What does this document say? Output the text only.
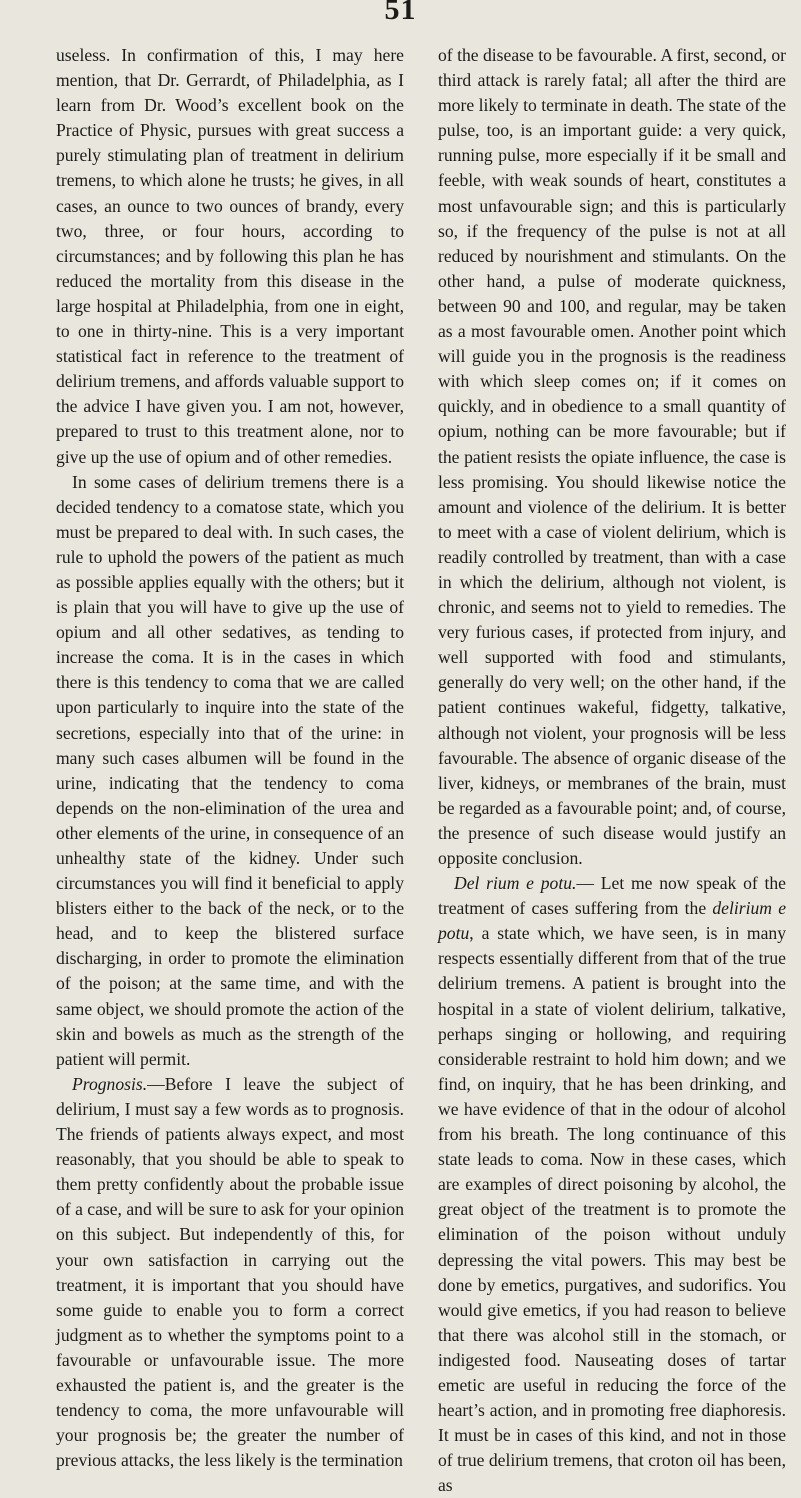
51

useless. In confirmation of this, I may here mention, that Dr. Gerrardt, of Philadelphia, as I learn from Dr. Wood’s excellent book on the Practice of Physic, pursues with great success a purely stimulating plan of treatment in delirium tremens, to which alone he trusts; he gives, in all cases, an ounce to two ounces of brandy, every two, three, or four hours, according to circumstances; and by following this plan he has reduced the mortality from this disease in the large hospital at Philadelphia, from one in eight, to one in thirty-nine. This is a very important statistical fact in reference to the treatment of delirium tremens, and affords valuable support to the advice I have given you. I am not, however, prepared to trust to this treatment alone, nor to give up the use of opium and of other remedies.

In some cases of delirium tremens there is a decided tendency to a comatose state, which you must be prepared to deal with. In such cases, the rule to uphold the powers of the patient as much as possible applies equally with the others; but it is plain that you will have to give up the use of opium and all other sedatives, as tending to increase the coma. It is in the cases in which there is this tendency to coma that we are called upon particularly to inquire into the state of the secretions, especially into that of the urine: in many such cases albumen will be found in the urine, indicating that the tendency to coma depends on the non-elimination of the urea and other elements of the urine, in consequence of an unhealthy state of the kidney. Under such circumstances you will find it beneficial to apply blisters either to the back of the neck, or to the head, and to keep the blistered surface discharging, in order to promote the elimination of the poison; at the same time, and with the same object, we should promote the action of the skin and bowels as much as the strength of the patient will permit.

Prognosis.—Before I leave the subject of delirium, I must say a few words as to prognosis. The friends of patients always expect, and most reasonably, that you should be able to speak to them pretty confidently about the probable issue of a case, and will be sure to ask for your opinion on this subject. But independently of this, for your own satisfaction in carrying out the treatment, it is important that you should have some guide to enable you to form a correct judgment as to whether the symptoms point to a favourable or unfavourable issue. The more exhausted the patient is, and the greater is the tendency to coma, the more unfavourable will your prognosis be; the greater the number of previous attacks, the less likely is the termination

of the disease to be favourable. A first, second, or third attack is rarely fatal; all after the third are more likely to terminate in death. The state of the pulse, too, is an important guide: a very quick, running pulse, more especially if it be small and feeble, with weak sounds of heart, constitutes a most unfavourable sign; and this is particularly so, if the frequency of the pulse is not at all reduced by nourishment and stimulants. On the other hand, a pulse of moderate quickness, between 90 and 100, and regular, may be taken as a most favourable omen. Another point which will guide you in the prognosis is the readiness with which sleep comes on; if it comes on quickly, and in obedience to a small quantity of opium, nothing can be more favourable; but if the patient resists the opiate influence, the case is less promising. You should likewise notice the amount and violence of the delirium. It is better to meet with a case of violent delirium, which is readily controlled by treatment, than with a case in which the delirium, although not violent, is chronic, and seems not to yield to remedies. The very furious cases, if protected from injury, and well supported with food and stimulants, generally do very well; on the other hand, if the patient continues wakeful, fidgetty, talkative, although not violent, your prognosis will be less favourable. The absence of organic disease of the liver, kidneys, or membranes of the brain, must be regarded as a favourable point; and, of course, the presence of such disease would justify an opposite conclusion.

Del rium e potu.— Let me now speak of the treatment of cases suffering from the delirium e potu, a state which, we have seen, is in many respects essentially different from that of the true delirium tremens. A patient is brought into the hospital in a state of violent delirium, talkative, perhaps singing or hollowing, and requiring considerable restraint to hold him down; and we find, on inquiry, that he has been drinking, and we have evidence of that in the odour of alcohol from his breath. The long continuance of this state leads to coma. Now in these cases, which are examples of direct poisoning by alcohol, the great object of the treatment is to promote the elimination of the poison without unduly depressing the vital powers. This may best be done by emetics, purgatives, and sudorifics. You would give emetics, if you had reason to believe that there was alcohol still in the stomach, or indigested food. Nauseating doses of tartar emetic are useful in reducing the force of the heart’s action, and in promoting free diaphoresis. It must be in cases of this kind, and not in those of true delirium tremens, that croton oil has been, as
